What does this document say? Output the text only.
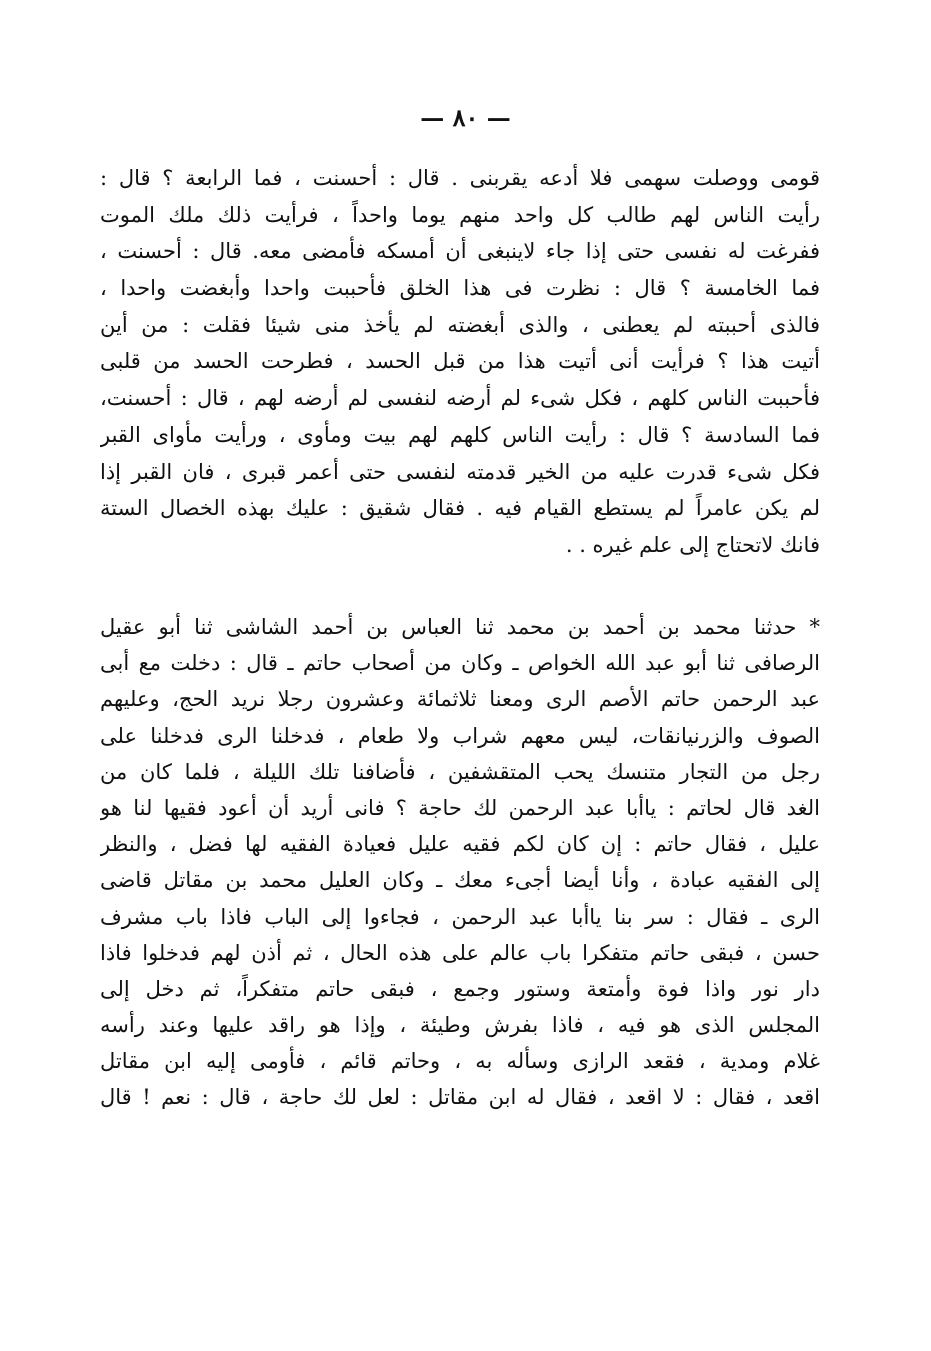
— ٨٠ —
قومى ووصلت سهمى فلا أدعه يقربنى . قال : أحسنت ، فما الرابعة ؟ قال :
رأيت الناس لهم طالب كل واحد منهم يوما واحداً ، فرأيت ذلك ملك الموت
ففرغت له نفسى حتى إذا جاء لاينبغى أن أمسكه فأمضى معه. قال : أحسنت ،
فما الخامسة ؟ قال : نظرت فى هذا الخلق فأحببت واحدا وأبغضت واحدا ،
فالذى أحببته لم يعطنى ، والذى أبغضته لم يأخذ منى شيئا فقلت : من أين
أتيت هذا ؟ فرأيت أنى أتيت هذا من قبل الحسد ، فطرحت الحسد من قلبى
فأحببت الناس كلهم ، فكل شىء لم أرضه لنفسى لم أرضه لهم ، قال : أحسنت،
فما السادسة ؟ قال : رأيت الناس كلهم لهم بيت ومأوى ، ورأيت مأواى القبر
فكل شىء قدرت عليه من الخير قدمته لنفسى حتى أعمر قبرى ، فان القبر إذا
لم يكن عامراً لم يستطع القيام فيه . فقال شقيق : عليك بهذه الخصال الستة
فانك لاتحتاج إلى علم غيره . .
* حدثنا محمد بن أحمد بن محمد ثنا العباس بن أحمد الشاشى ثنا أبو عقيل
الرصافى ثنا أبو عبد الله الخواص ـ وكان من أصحاب حاتم ـ قال : دخلت مع أبى
عبد الرحمن حاتم الأصم الرى ومعنا ثلاثمائة وعشرون رجلا نريد الحج، وعليهم
الصوف والزرنيانقات، ليس معهم شراب ولا طعام ، فدخلنا الرى فدخلنا على
رجل من التجار متنسك يحب المتقشفين ، فأضافنا تلك الليلة ، فلما كان من
الغد قال لحاتم : ياأبا عبد الرحمن لك حاجة ؟ فانى أريد أن أعود فقيها لنا هو
عليل ، فقال حاتم : إن كان لكم فقيه عليل فعيادة الفقيه لها فضل ، والنظر
إلى الفقيه عبادة ، وأنا أيضا أجىء معك ـ وكان العليل محمد بن مقاتل قاضى
الرى ـ فقال : سر بنا ياأبا عبد الرحمن ، فجاءوا إلى الباب فاذا باب مشرف
حسن ، فبقى حاتم متفكرا باب عالم على هذه الحال ، ثم أذن لهم فدخلوا فاذا
دار نور واذا فوة وأمتعة وستور وجمع ، فبقى حاتم متفكراً، ثم دخل إلى
المجلس الذى هو فيه ، فاذا بفرش وطيئة ، وإذا هو راقد عليها وعند رأسه
غلام ومدية ، فقعد الرازى وسأله به ، وحاتم قائم ، فأومى إليه ابن مقاتل
اقعد ، فقال : لا اقعد ، فقال له ابن مقاتل : لعل لك حاجة ، قال : نعم ! قال
